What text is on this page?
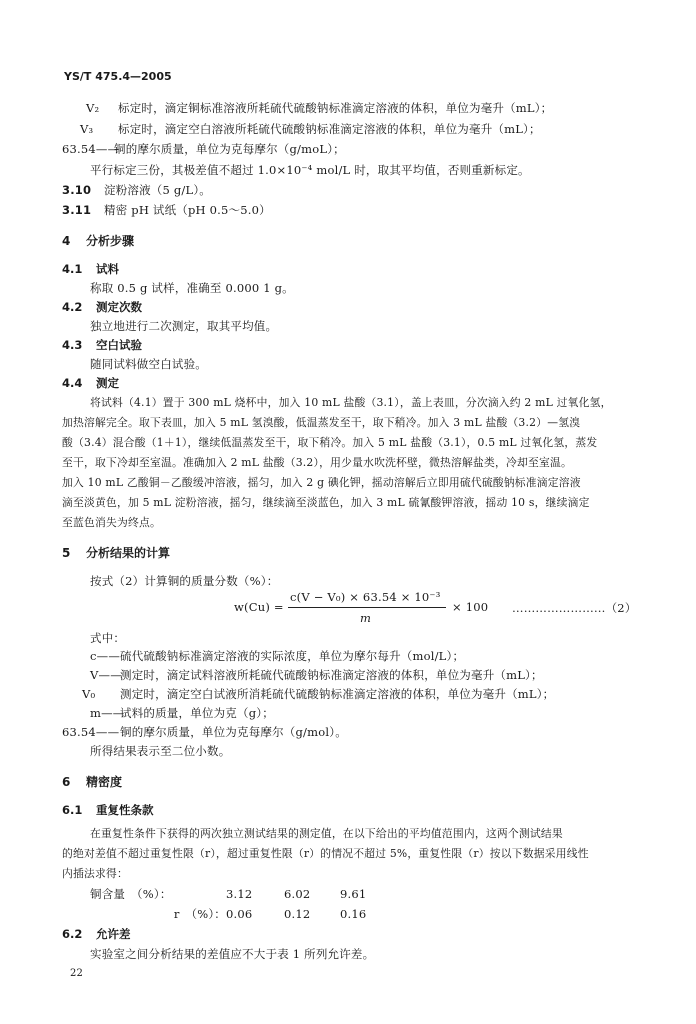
YS/T 475.4—2005
V₂ 标定时，滴定铜标准溶液所耗硫代硫酸钠标准滴定溶液的体积，单位为毫升（mL）；
V₃ 标定时，滴定空白溶液所耗硫代硫酸钠标准滴定溶液的体积，单位为毫升（mL）；
63.54——铜的摩尔质量，单位为克每摩尔（g/moL）；
平行标定三份，其极差值不超过 1.0×10⁻⁴ mol/L 时，取其平均值，否则重新标定。
3.10 淀粉溶液（5 g/L）。
3.11 精密 pH 试纸（pH 0.5～5.0）
4 分析步骤
4.1 试料
称取 0.5 g 试样，准确至 0.000 1 g。
4.2 测定次数
独立地进行二次测定，取其平均值。
4.3 空白试验
随同试料做空白试验。
4.4 测定
将试料（4.1）置于 300 mL 烧杯中，加入 10 mL 盐酸（3.1），盖上表皿，分次滴入约 2 mL 过氧化氢，
加热溶解完全。取下表皿，加入 5 mL 氢溴酸，低温蒸发至干，取下稍冷。加入 3 mL 盐酸（3.2）—氢溴
酸（3.4）混合酸（1＋1），继续低温蒸发至干，取下稍冷。加入 5 mL 盐酸（3.1），0.5 mL 过氧化氢，蒸发
至干，取下冷却至室温。准确加入 2 mL 盐酸（3.2），用少量水吹洗杯壁，微热溶解盐类，冷却至室温。
加入 10 mL 乙酸铜－乙酸缓冲溶液，摇匀，加入 2 g 碘化钾，摇动溶解后立即用硫代硫酸钠标准滴定溶液
滴至淡黄色，加 5 mL 淀粉溶液，摇匀，继续滴至淡蓝色，加入 3 mL 硫氰酸钾溶液，摇动 10 s，继续滴定
至蓝色消失为终点。
5 分析结果的计算
按式（2）计算铜的质量分数（%）：
w(Cu) =
c(V − V₀) × 63.54 × 10⁻³
m
× 100 ……………………（2）
式中：
c——硫代硫酸钠标准滴定溶液的实际浓度，单位为摩尔每升（mol/L）；
V——测定时，滴定试料溶液所耗硫代硫酸钠标准滴定溶液的体积，单位为毫升（mL）；
V₀ 测定时，滴定空白试液所消耗硫代硫酸钠标准滴定溶液的体积，单位为毫升（mL）；
m——试料的质量，单位为克（g）；
63.54——铜的摩尔质量，单位为克每摩尔（g/mol）。
所得结果表示至二位小数。
6 精密度
6.1 重复性条款
在重复性条件下获得的两次独立测试结果的测定值，在以下给出的平均值范围内，这两个测试结果
的绝对差值不超过重复性限（r），超过重复性限（r）的情况不超过 5%，重复性限（r）按以下数据采用线性
内插法求得：
铜含量　（%）：	3.12	6.02	9.61
r　（%）：0.06	0.12	0.16
6.2 允许差
实验室之间分析结果的差值应不大于表 1 所列允许差。
22
